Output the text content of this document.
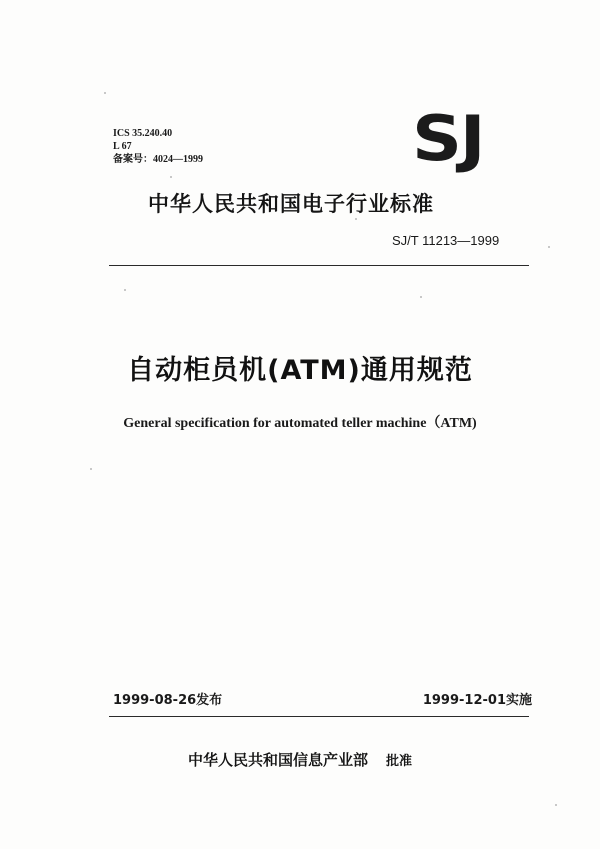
ICS 35.240.40
L 67
备案号：4024—1999	SJ
中华人民共和国电子行业标准
SJ/T 11213—1999
自动柜员机(ATM)通用规范
General specification for automated teller machine（ATM)
1999-08-26发布	1999-12-01实施
中华人民共和国信息产业部 批准
